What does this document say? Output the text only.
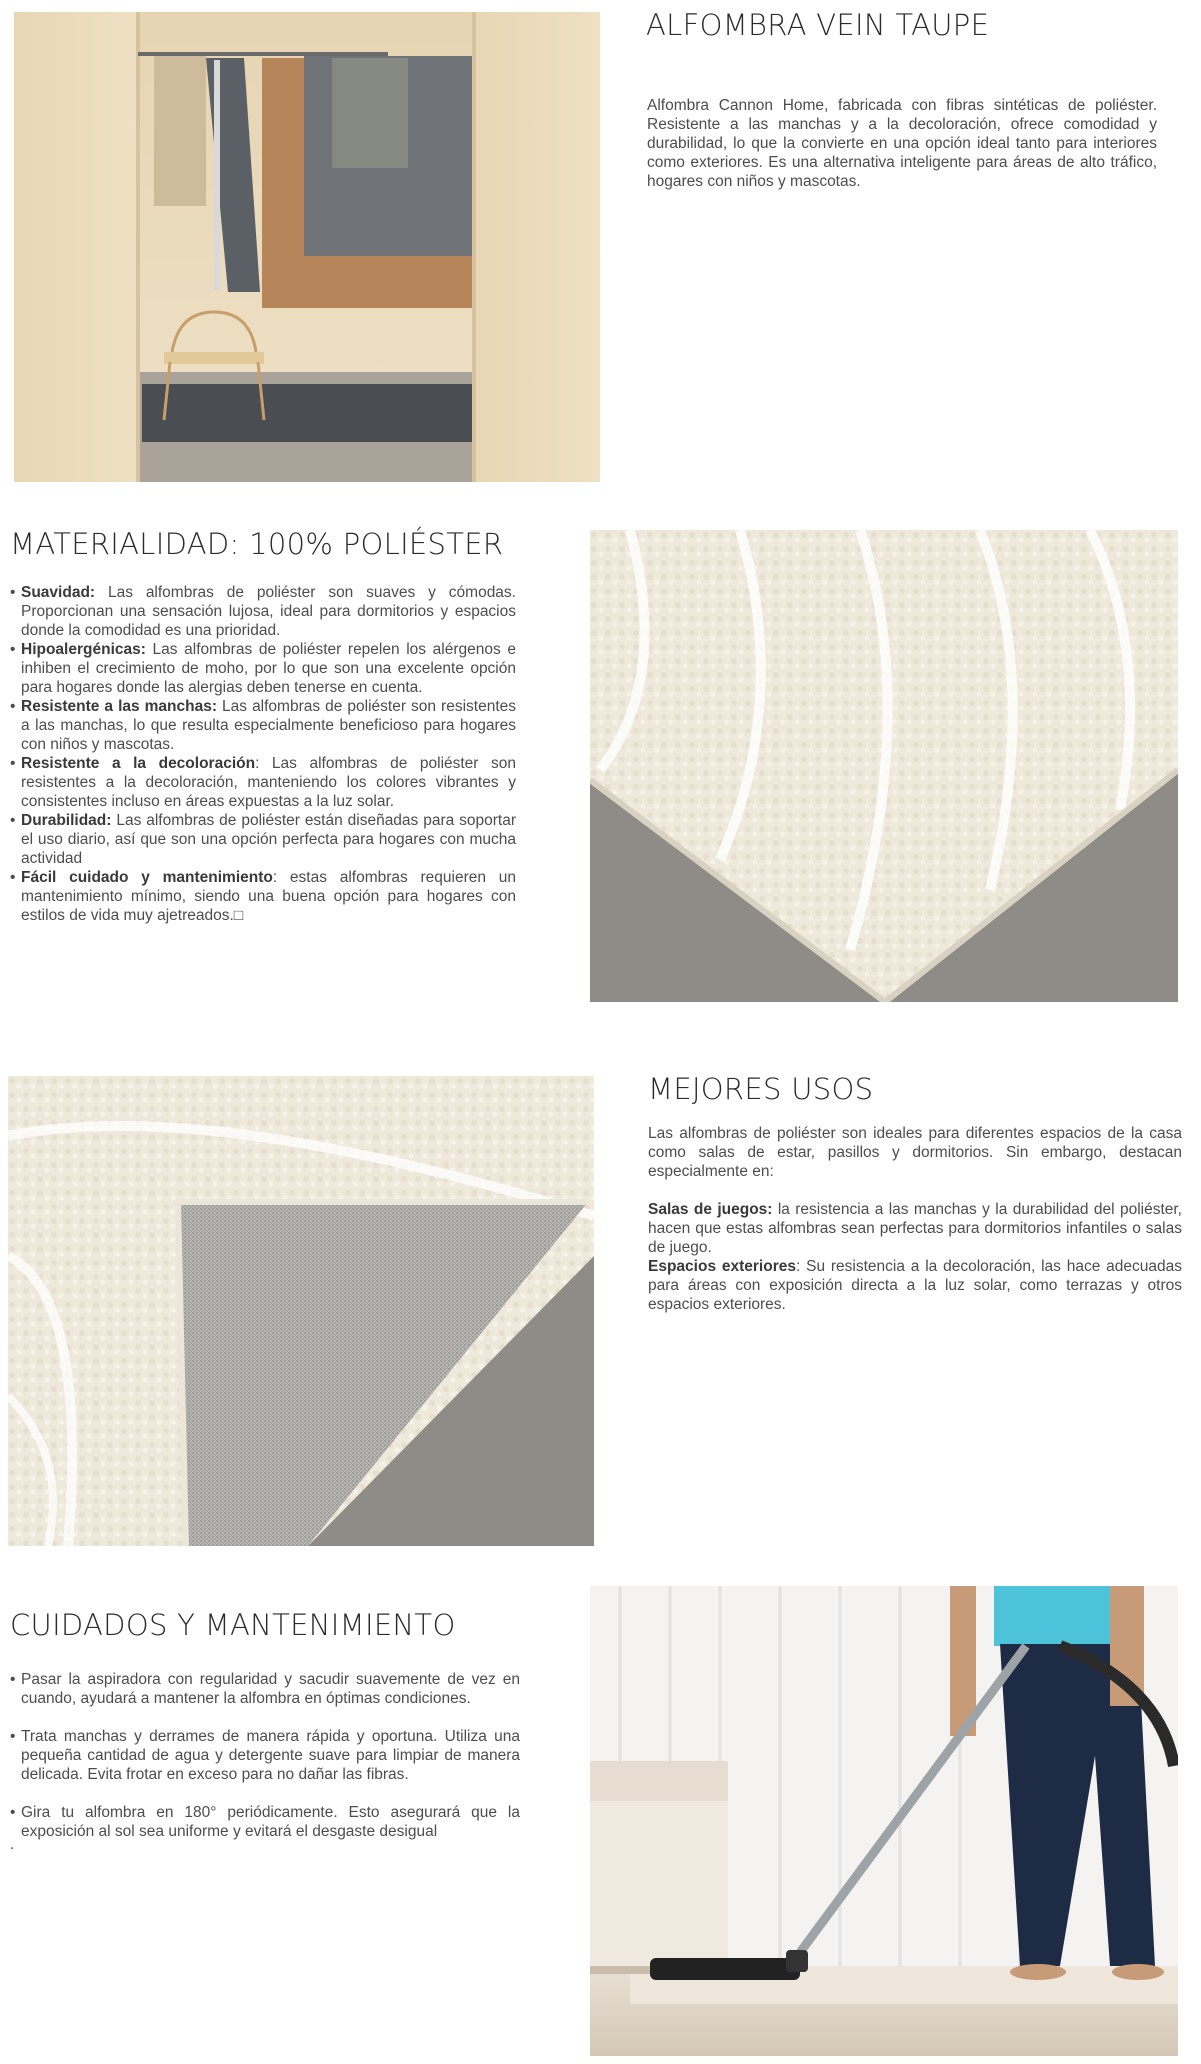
ALFOMBRA VEIN TAUPE

Alfombra Cannon Home, fabricada con fibras sintéticas de poliéster. Resistente a las manchas y a la decoloración, ofrece comodidad y durabilidad, lo que la convierte en una opción ideal tanto para interiores como exteriores. Es una alternativa inteligente para áreas de alto tráfico, hogares con niños y mascotas.

MATERIALIDAD: 100% POLIÉSTER
• Suavidad: Las alfombras de poliéster son suaves y cómodas. Proporcionan una sensación lujosa, ideal para dormitorios y espacios donde la comodidad es una prioridad.
• Hipoalergénicas: Las alfombras de poliéster repelen los alérgenos e inhiben el crecimiento de moho, por lo que son una excelente opción para hogares donde las alergias deben tenerse en cuenta.
• Resistente a las manchas: Las alfombras de poliéster son resistentes a las manchas, lo que resulta especialmente beneficioso para hogares con niños y mascotas.
• Resistente a la decoloración: Las alfombras de poliéster son resistentes a la decoloración, manteniendo los colores vibrantes y consistentes incluso en áreas expuestas a la luz solar.
• Durabilidad: Las alfombras de poliéster están diseñadas para soportar el uso diario, así que son una opción perfecta para hogares con mucha actividad
• Fácil cuidado y mantenimiento: estas alfombras requieren un mantenimiento mínimo, siendo una buena opción para hogares con estilos de vida muy ajetreados.□
MEJORES USOS

Las alfombras de poliéster son ideales para diferentes espacios de la casa como salas de estar, pasillos y dormitorios. Sin embargo, destacan especialmente en:

Salas de juegos: la resistencia a las manchas y la durabilidad del poliéster, hacen que estas alfombras sean perfectas para dormitorios infantiles o salas de juego.

Espacios exteriores: Su resistencia a la decoloración, las hace adecuadas para áreas con exposición directa a la luz solar, como terrazas y otros espacios exteriores.

CUIDADOS Y MANTENIMIENTO
• Pasar la aspiradora con regularidad y sacudir suavemente de vez en cuando, ayudará a mantener la alfombra en óptimas condiciones.
• Trata manchas y derrames de manera rápida y oportuna. Utiliza una pequeña cantidad de agua y detergente suave para limpiar de manera delicada. Evita frotar en exceso para no dañar las fibras.
• Gira tu alfombra en 180° periódicamente. Esto asegurará que la exposición al sol sea uniforme y evitará el desgaste desigual
.
